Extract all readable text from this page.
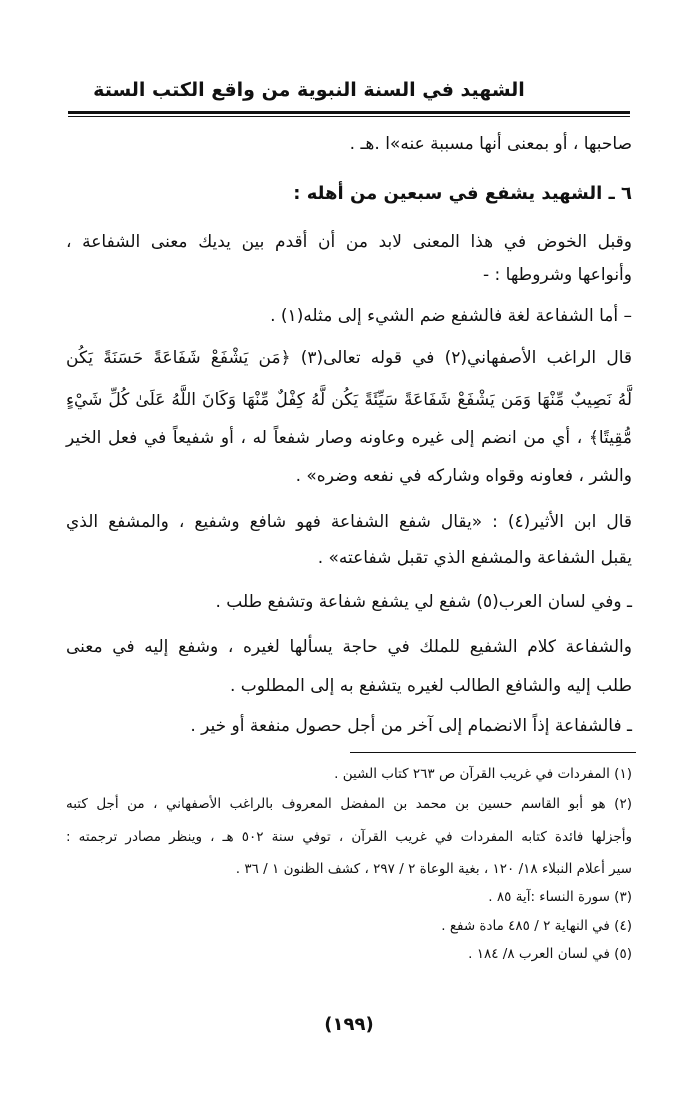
الشهيد في السنة النبوية من واقع الكتب الستة
صاحبها ، أو بمعنى أنها مسببة عنه»ا .هـ .
٦ ـ الشهيد يشفع في سبعين من أهله :
وقبل الخوض في هذا المعنى لابد من أن أقدم بين يديك معنى الشفاعة ،
وأنواعها وشروطها : -
– أما الشفاعة لغة فالشفع ضم الشيء إلى مثله(١) .
قال الراغب الأصفهاني(٢) في قوله تعالى(٣) ﴿مَن يَشْفَعْ شَفَاعَةً حَسَنَةً يَكُن
لَّهُ نَصِيبٌ مِّنْهَا وَمَن يَشْفَعْ شَفَاعَةً سَيِّئَةً يَكُن لَّهُ كِفْلٌ مِّنْهَا وَكَانَ اللَّهُ عَلَىٰ كُلِّ شَيْءٍ
مُّقِيتًا﴾ ، أي من انضم إلى غيره وعاونه وصار شفعاً له ، أو شفيعاً في فعل الخير
والشر ، فعاونه وقواه وشاركه في نفعه وضره» .
قال ابن الأثير(٤) : «يقال شفع الشفاعة فهو شافع وشفيع ، والمشفع الذي
يقبل الشفاعة والمشفع الذي تقبل شفاعته» .
ـ وفي لسان العرب(٥) شفع لي يشفع شفاعة وتشفع طلب .
والشفاعة كلام الشفيع للملك في حاجة يسألها لغيره ، وشفع إليه في معنى
طلب إليه والشافع الطالب لغيره يتشفع به إلى المطلوب .
ـ فالشفاعة إذاً الانضمام إلى آخر من أجل حصول منفعة أو خير .
(١) المفردات في غريب القرآن ص ٢٦٣ كتاب الشين .
(٢) هو أبو القاسم حسين بن محمد بن المفضل المعروف بالراغب الأصفهاني ، من أجل كتبه
وأجزلها فائدة كتابه المفردات في غريب القرآن ، توفي سنة ٥٠٢ هـ ، وينظر مصادر ترجمته :
سير أعلام النبلاء ١٨/ ١٢٠ ، بغية الوعاة ٢ / ٢٩٧ ، كشف الظنون ١ / ٣٦ .
(٣) سورة النساء :آية ٨٥ .
(٤) في النهاية ٢ / ٤٨٥ مادة شفع .
(٥) في لسان العرب ٨/ ١٨٤ .
(١٩٩)
